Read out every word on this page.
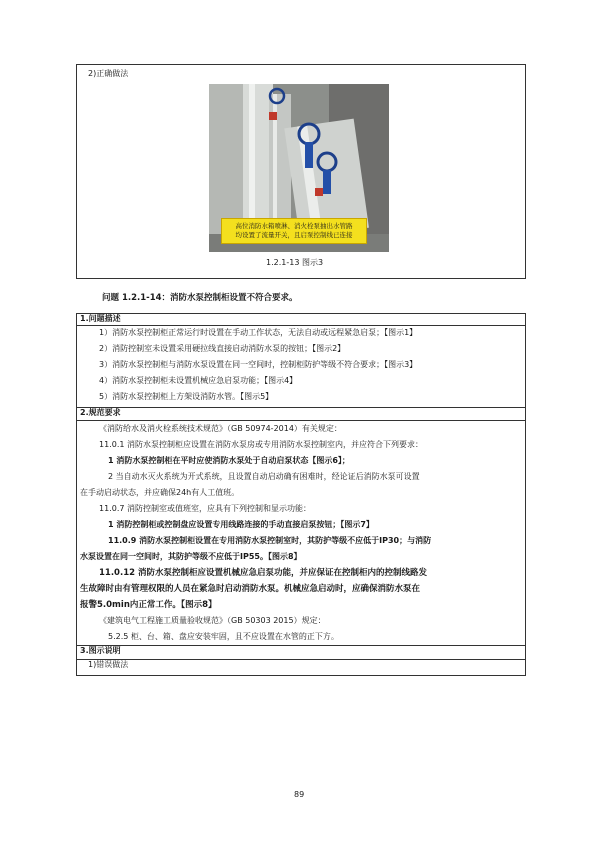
2)正确做法
高位消防水箱喷淋、消火栓泵抽出水管路
均设置了流量开关，且启泵控制线已连接
1.2.1-13 图示3
问题 1.2.1-14：消防水泵控制柜设置不符合要求。
1.问题描述
1）消防水泵控制柜正常运行时设置在手动工作状态，无法自动或远程紧急启泵；【图示1】
2）消防控制室未设置采用硬拉线直接启动消防水泵的按钮；【图示2】
3）消防水泵控制柜与消防水泵设置在同一空间时，控制柜防护等级不符合要求；【图示3】
4）消防水泵控制柜未设置机械应急启泵功能；【图示4】
5）消防水泵控制柜上方架设消防水管。【图示5】
2.规范要求
《消防给水及消火栓系统技术规范》（GB 50974-2014）有关规定：
11.0.1 消防水泵控制柜应设置在消防水泵房或专用消防水泵控制室内，并应符合下列要求：
1 消防水泵控制柜在平时应使消防水泵处于自动启泵状态【图示6】；
2 当自动水灭火系统为开式系统，且设置自动启动确有困难时，经论证后消防水泵可设置
在手动启动状态，并应确保24h有人工值班。
11.0.7 消防控制室或值班室，应具有下列控制和显示功能：
1 消防控制柜或控制盘应设置专用线路连接的手动直接启泵按钮；【图示7】
11.0.9 消防水泵控制柜设置在专用消防水泵控制室时，其防护等级不应低于IP30；与消防
水泵设置在同一空间时，其防护等级不应低于IP55。【图示8】
11.0.12 消防水泵控制柜应设置机械应急启泵功能，并应保证在控制柜内的控制线路发
生故障时由有管理权限的人员在紧急时启动消防水泵。机械应急启动时，应确保消防水泵在
报警5.0min内正常工作。【图示8】
《建筑电气工程施工质量验收规范》（GB 50303 2015）规定：
5.2.5 柜、台、箱、盘应安装牢固，且不应设置在水管的正下方。
3.图示说明
1)错误做法
89
